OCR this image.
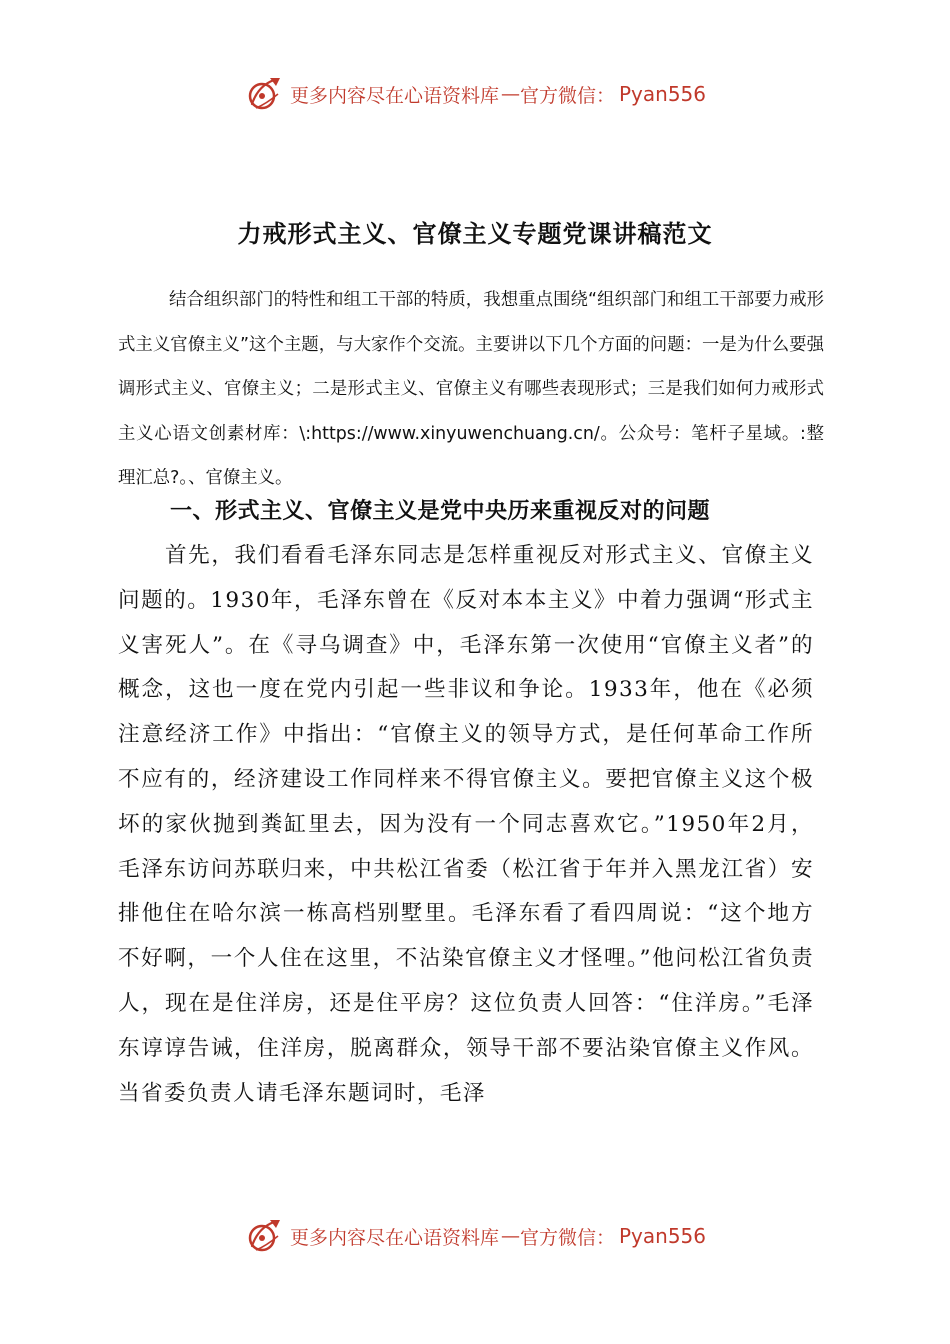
更多内容尽在心语资料库 — 官方微信： Pyan556
力戒形式主义、官僚主义专题党课讲稿范文

结合组织部门的特性和组工干部的特质，我想重点围绕“组织部门和组工干部要力戒形式主义官僚主义”这个主题，与大家作个交流。主要讲以下几个方面的问题：一是为什么要强调形式主义、官僚主义；二是形式主义、官僚主义有哪些表现形式；三是我们如何力戒形式主义心语文创素材库：\:https://www.xinyuwenchuang.cn/。公众号：笔杆子星域。:整理汇总?。、官僚主义。

一、形式主义、官僚主义是党中央历来重视反对的问题

首先，我们看看毛泽东同志是怎样重视反对形式主义、官僚主义问题的。1930年，毛泽东曾在《反对本本主义》中着力强调“形式主义害死人”。在《寻乌调查》中，毛泽东第一次使用“官僚主义者”的概念，这也一度在党内引起一些非议和争论。1933年，他在《必须注意经济工作》中指出：“官僚主义的领导方式，是任何革命工作所不应有的，经济建设工作同样来不得官僚主义。要把官僚主义这个极坏的家伙抛到粪缸里去，因为没有一个同志喜欢它。”1950年2月，毛泽东访问苏联归来，中共松江省委（松江省于年并入黑龙江省）安排他住在哈尔滨一栋高档别墅里。毛泽东看了看四周说：“这个地方不好啊，一个人住在这里，不沾染官僚主义才怪哩。”他问松江省负责人，现在是住洋房，还是住平房？这位负责人回答：“住洋房。”毛泽东谆谆告诫，住洋房，脱离群众，领导干部不要沾染官僚主义作风。当省委负责人请毛泽东题词时，毛泽

更多内容尽在心语资料库 — 官方微信： Pyan556
